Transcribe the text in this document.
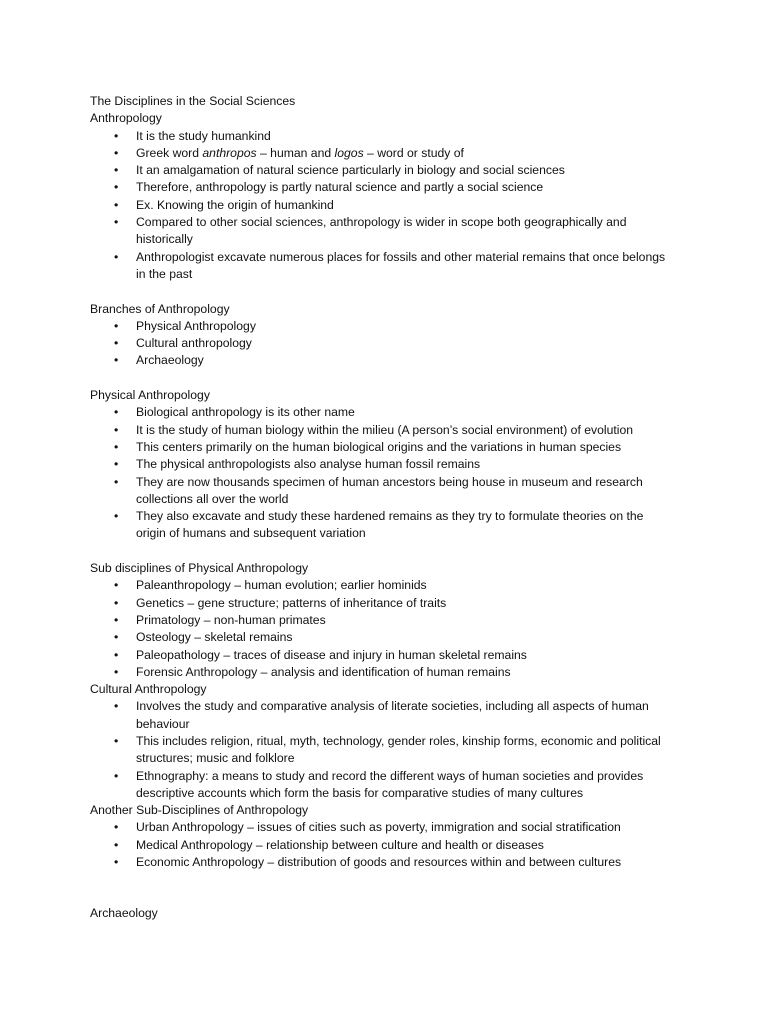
The Disciplines in the Social Sciences
Anthropology
• It is the study humankind
• Greek word anthropos – human and logos – word or study of
• It an amalgamation of natural science particularly in biology and social sciences
• Therefore, anthropology is partly natural science and partly a social science
• Ex. Knowing the origin of humankind
• Compared to other social sciences, anthropology is wider in scope both geographically and historically
• Anthropologist excavate numerous places for fossils and other material remains that once belongs in the past
Branches of Anthropology
• Physical Anthropology
• Cultural anthropology
• Archaeology
Physical Anthropology
• Biological anthropology is its other name
• It is the study of human biology within the milieu (A person’s social environment) of evolution
• This centers primarily on the human biological origins and the variations in human species
• The physical anthropologists also analyse human fossil remains
• They are now thousands specimen of human ancestors being house in museum and research collections all over the world
• They also excavate and study these hardened remains as they try to formulate theories on the origin of humans and subsequent variation
Sub disciplines of Physical Anthropology
• Paleanthropology – human evolution; earlier hominids
• Genetics – gene structure; patterns of inheritance of traits
• Primatology – non-human primates
• Osteology – skeletal remains
• Paleopathology – traces of disease and injury in human skeletal remains
• Forensic Anthropology – analysis and identification of human remains
Cultural Anthropology
• Involves the study and comparative analysis of literate societies, including all aspects of human behaviour
• This includes religion, ritual, myth, technology, gender roles, kinship forms, economic and political structures; music and folklore
• Ethnography: a means to study and record the different ways of human societies and provides descriptive accounts which form the basis for comparative studies of many cultures
Another Sub-Disciplines of Anthropology
• Urban Anthropology – issues of cities such as poverty, immigration and social stratification
• Medical Anthropology – relationship between culture and health or diseases
• Economic Anthropology – distribution of goods and resources within and between cultures
Archaeology
